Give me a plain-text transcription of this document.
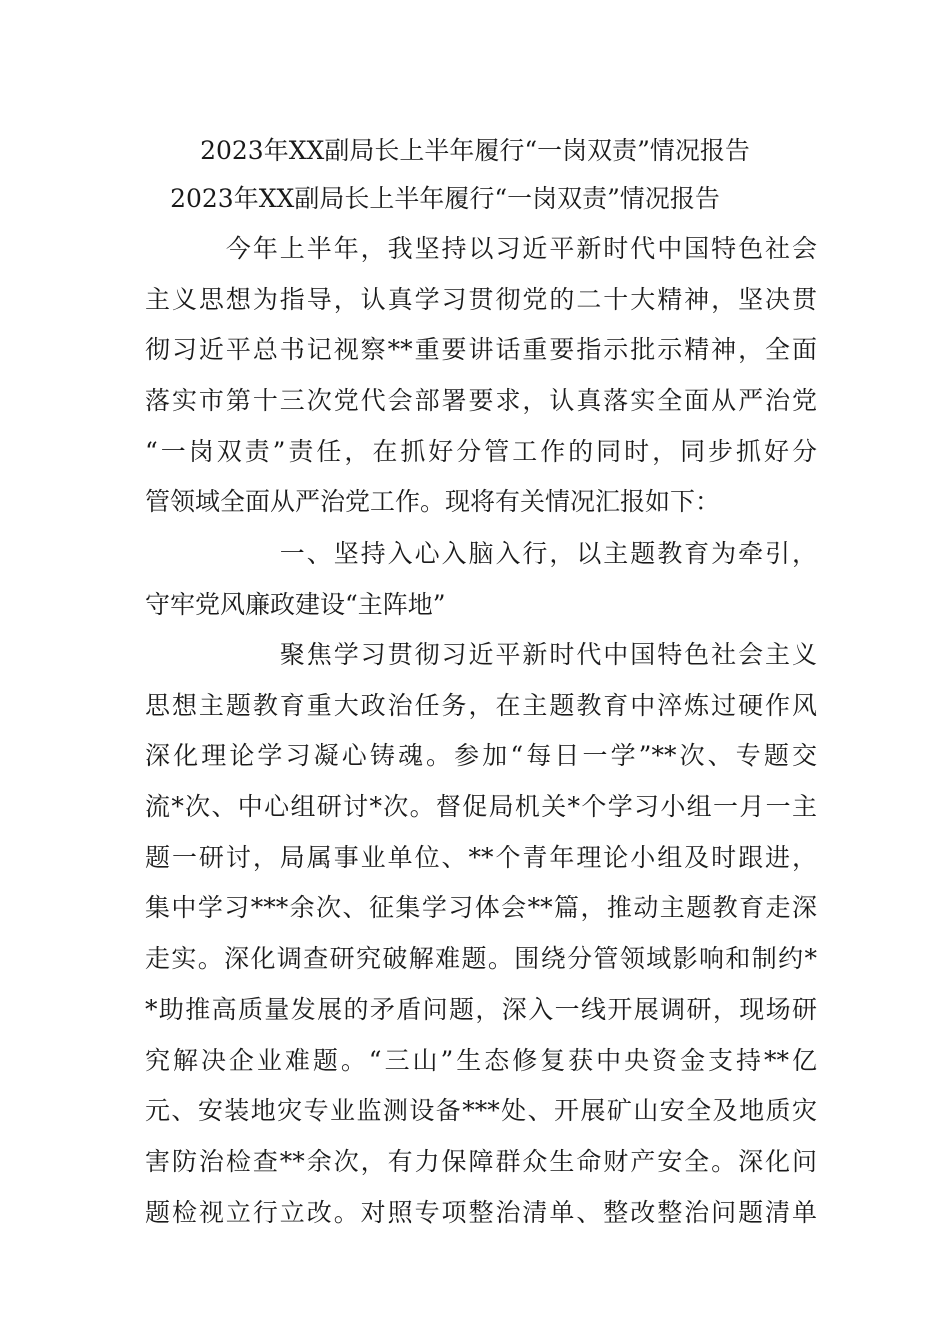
2023年XX副局长上半年履行“一岗双责”情况报告
2023年XX副局长上半年履行“一岗双责”情况报告

　　　今年上半年，我坚持以习近平新时代中国特色社会
主义思想为指导，认真学习贯彻党的二十大精神，坚决贯
彻习近平总书记视察**重要讲话重要指示批示精神，全面
落实市第十三次党代会部署要求，认真落实全面从严治党
“一岗双责”责任，在抓好分管工作的同时，同步抓好分
管领域全面从严治党工作。现将有关情况汇报如下：

　　　　　一、坚持入心入脑入行，以主题教育为牵引，
守牢党风廉政建设“主阵地”

　　　　　聚焦学习贯彻习近平新时代中国特色社会主义
思想主题教育重大政治任务，在主题教育中淬炼过硬作风
深化理论学习凝心铸魂。参加“每日一学”**次、专题交
流*次、中心组研讨*次。督促局机关*个学习小组一月一主
题一研讨，局属事业单位、**个青年理论小组及时跟进，
集中学习***余次、征集学习体会**篇，推动主题教育走深
走实。深化调查研究破解难题。围绕分管领域影响和制约*
*助推高质量发展的矛盾问题，深入一线开展调研，现场研
究解决企业难题。“三山”生态修复获中央资金支持**亿
元、安装地灾专业监测设备***处、开展矿山安全及地质灾
害防治检查**余次，有力保障群众生命财产安全。深化问
题检视立行立改。对照专项整治清单、整改整治问题清单
